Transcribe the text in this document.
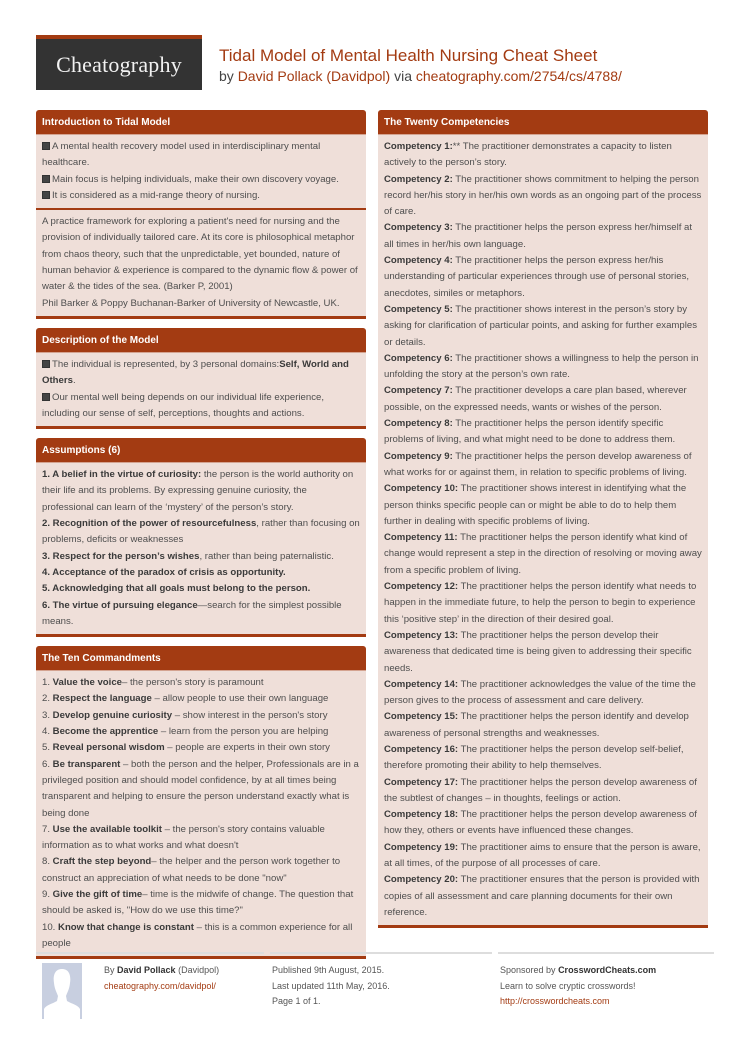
Cheatography Tidal Model of Mental Health Nursing Cheat Sheet
by David Pollack (Davidpol) via cheatography.com/2754/cs/4788/
Introduction to Tidal Model
A mental health recovery model used in interdisciplinary mental healthcare.
Main focus is helping individuals, make their own discovery voyage.
It is considered as a mid-range theory of nursing.
A practice framework for exploring a patient's need for nursing and the provision of individually tailored care. At its core is philosophical metaphor from chaos theory, such that the unpredictable, yet bounded, nature of human behavior & experience is compared to the dynamic flow & power of water & the tides of the sea. (Barker P, 2001)
Phil Barker & Poppy Buchanan-Barker of University of Newcastle, UK.
Description of the Model
The individual is represented, by 3 personal domains:Self, World and Others.
Our mental well being depends on our individual life experience, including our sense of self, perceptions, thoughts and actions.
Assumptions (6)
1. A belief in the virtue of curiosity: the person is the world authority on their life and its problems. By expressing genuine curiosity, the professional can learn of the ‘mystery’ of the person’s story.
2. Recognition of the power of resourcefulness, rather than focusing on problems, deficits or weaknesses
3. Respect for the person’s wishes, rather than being paternalistic.
4. Acceptance of the paradox of crisis as opportunity.
5. Acknowledging that all goals must belong to the person.
6. The virtue of pursuing elegance—search for the simplest possible means.
The Ten Commandments
1. Value the voice– the person's story is paramount
2. Respect the language – allow people to use their own language
3. Develop genuine curiosity – show interest in the person's story
4. Become the apprentice – learn from the person you are helping
5. Reveal personal wisdom – people are experts in their own story
6. Be transparent – both the person and the helper, Professionals are in a privileged position and should model confidence, by at all times being transparent and helping to ensure the person understand exactly what is being done
7. Use the available toolkit – the person's story contains valuable information as to what works and what doesn't
8. Craft the step beyond– the helper and the person work together to construct an appreciation of what needs to be done "now"
9. Give the gift of time– time is the midwife of change. The question that should be asked is, "How do we use this time?"
10. Know that change is constant – this is a common experience for all people
The Twenty Competencies
Competency 1:** The practitioner demonstrates a capacity to listen actively to the person’s story.
Competency 2: The practitioner shows commitment to helping the person record her/his story in her/his own words as an ongoing part of the process of care.
Competency 3: The practitioner helps the person express her/himself at all times in her/his own language.
Competency 4: The practitioner helps the person express her/his understanding of particular experiences through use of personal stories, anecdotes, similes or metaphors.
Competency 5: The practitioner shows interest in the person’s story by asking for clarification of particular points, and asking for further examples or details.
Competency 6: The practitioner shows a willingness to help the person in unfolding the story at the person’s own rate.
Competency 7: The practitioner develops a care plan based, wherever possible, on the expressed needs, wants or wishes of the person.
Competency 8: The practitioner helps the person identify specific problems of living, and what might need to be done to address them.
Competency 9: The practitioner helps the person develop awareness of what works for or against them, in relation to specific problems of living.
Competency 10: The practitioner shows interest in identifying what the person thinks specific people can or might be able to do to help them further in dealing with specific problems of living.
Competency 11: The practitioner helps the person identify what kind of change would represent a step in the direction of resolving or moving away from a specific problem of living.
Competency 12: The practitioner helps the person identify what needs to happen in the immediate future, to help the person to begin to experience this ‘positive step’ in the direction of their desired goal.
Competency 13: The practitioner helps the person develop their awareness that dedicated time is being given to addressing their specific needs.
Competency 14: The practitioner acknowledges the value of the time the person gives to the process of assessment and care delivery.
Competency 15: The practitioner helps the person identify and develop awareness of personal strengths and weaknesses.
Competency 16: The practitioner helps the person develop self-belief, therefore promoting their ability to help themselves.
Competency 17: The practitioner helps the person develop awareness of the subtlest of changes – in thoughts, feelings or action.
Competency 18: The practitioner helps the person develop awareness of how they, others or events have influenced these changes.
Competency 19: The practitioner aims to ensure that the person is aware, at all times, of the purpose of all processes of care.
Competency 20: The practitioner ensures that the person is provided with copies of all assessment and care planning documents for their own reference.
By David Pollack (Davidpol)
cheatography.com/davidpol/
Published 9th August, 2015.
Last updated 11th May, 2016.
Page 1 of 1.
Sponsored by CrosswordCheats.com
Learn to solve cryptic crosswords!
http://crosswordcheats.com
